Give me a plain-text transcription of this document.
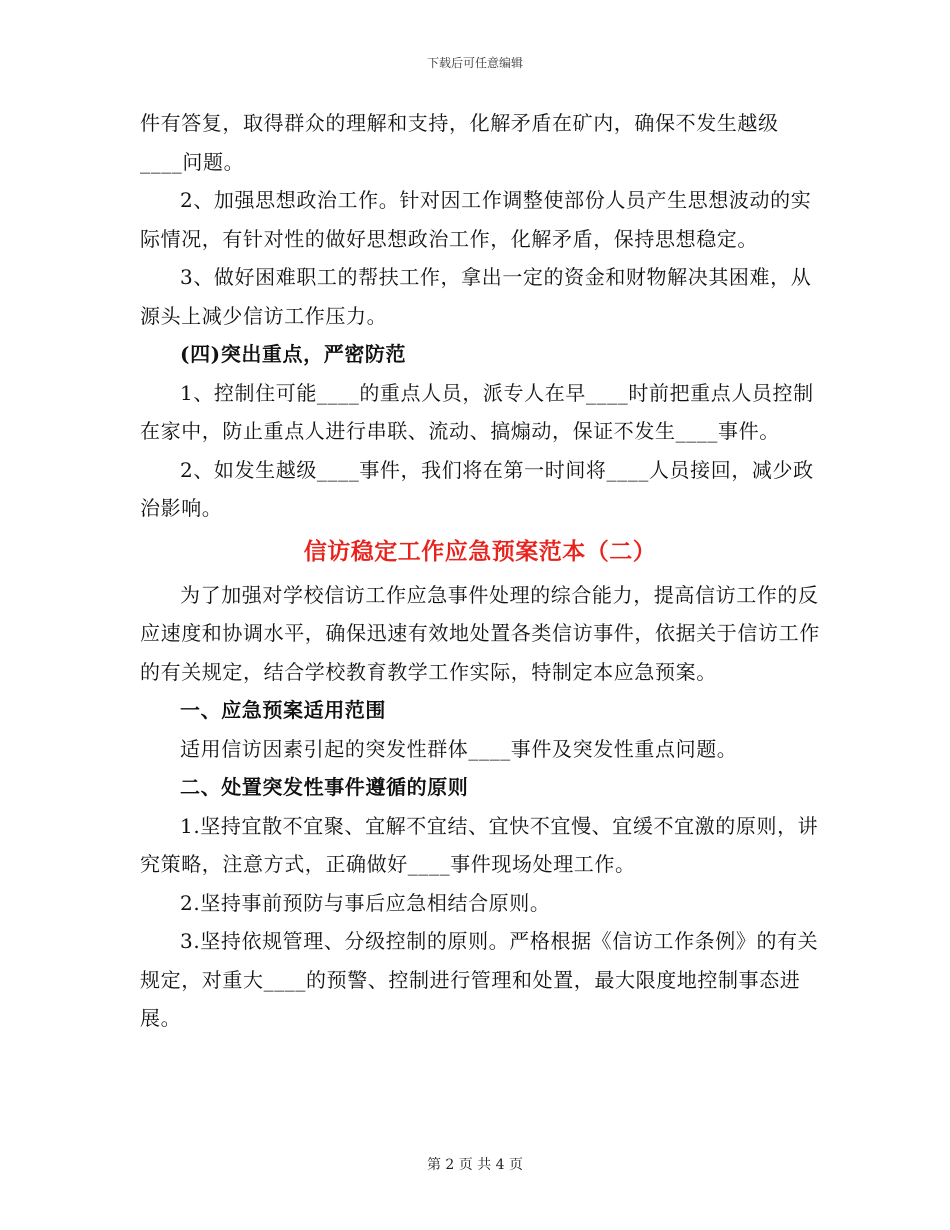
下载后可任意编辑

件有答复，取得群众的理解和支持，化解矛盾在矿内，确保不发生越级____问题。

2、加强思想政治工作。针对因工作调整使部份人员产生思想波动的实际情况，有针对性的做好思想政治工作，化解矛盾，保持思想稳定。

3、做好困难职工的帮扶工作，拿出一定的资金和财物解决其困难，从源头上减少信访工作压力。

(四)突出重点，严密防范

1、控制住可能____的重点人员，派专人在早____时前把重点人员控制在家中，防止重点人进行串联、流动、搞煽动，保证不发生____事件。

2、如发生越级____事件，我们将在第一时间将____人员接回，减少政治影响。

信访稳定工作应急预案范本（二）

为了加强对学校信访工作应急事件处理的综合能力，提高信访工作的反应速度和协调水平，确保迅速有效地处置各类信访事件，依据关于信访工作的有关规定，结合学校教育教学工作实际，特制定本应急预案。

一、应急预案适用范围

适用信访因素引起的突发性群体____事件及突发性重点问题。

二、处置突发性事件遵循的原则

1.坚持宜散不宜聚、宜解不宜结、宜快不宜慢、宜缓不宜激的原则，讲究策略，注意方式，正确做好____事件现场处理工作。

2.坚持事前预防与事后应急相结合原则。

3.坚持依规管理、分级控制的原则。严格根据《信访工作条例》的有关规定，对重大____的预警、控制进行管理和处置，最大限度地控制事态进展。

第 2 页 共 4 页
